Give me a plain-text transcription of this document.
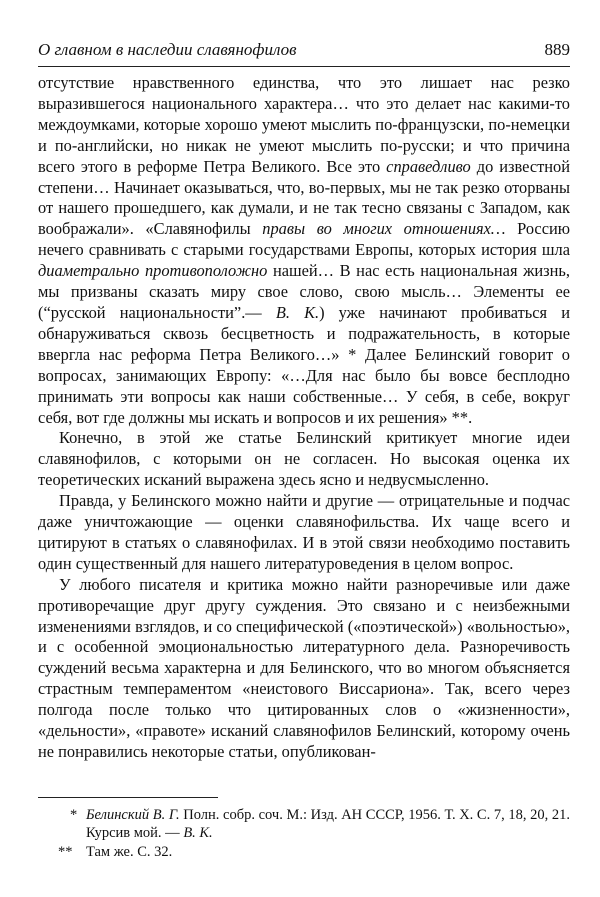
О главном в наследии славянофилов	889

отсутствие нравственного единства, что это лишает нас резко выразившегося национального характера… что это делает нас какими-то междоумками, которые хорошо умеют мыслить по-французски, по-немецки и по-английски, но никак не умеют мыслить по-русски; и что причина всего этого в реформе Петра Великого. Все это справедливо до известной степени… Начинает оказываться, что, во-первых, мы не так резко оторваны от нашего прошедшего, как думали, и не так тесно связаны с Западом, как воображали». «Славянофилы правы во многих отношениях… Россию нечего сравнивать с старыми государствами Европы, которых история шла диаметрально противоположно нашей… В нас есть национальная жизнь, мы призваны сказать миру свое слово, свою мысль… Элементы ее (“русской национальности”.— В. К.) уже начинают пробиваться и обнаруживаться сквозь бесцветность и подражательность, в которые ввергла нас реформа Петра Великого…» * Далее Белинский говорит о вопросах, занимающих Европу: «…Для нас было бы вовсе бесплодно принимать эти вопросы как наши собственные… У себя, в себе, вокруг себя, вот где должны мы искать и вопросов и их решения» **.

Конечно, в этой же статье Белинский критикует многие идеи славянофилов, с которыми он не согласен. Но высокая оценка их теоретических исканий выражена здесь ясно и недвусмысленно.

Правда, у Белинского можно найти и другие — отрицательные и подчас даже уничтожающие — оценки славянофильства. Их чаще всего и цитируют в статьях о славянофилах. И в этой связи необходимо поставить один существенный для нашего литературоведения в целом вопрос.

У любого писателя и критика можно найти разноречивые или даже противоречащие друг другу суждения. Это связано и с неизбежными изменениями взглядов, и со специфической («поэтической») «вольностью», и с особенной эмоциональностью литературного дела. Разноречивость суждений весьма характерна и для Белинского, что во многом объясняется страстным темпераментом «неистового Виссариона». Так, всего через полгода после только что цитированных слов о «жизненности», «дельности», «правоте» исканий славянофилов Белинский, которому очень не понравились некоторые статьи, опубликован-

* Белинский В. Г. Полн. собр. соч. М.: Изд. АН СССР, 1956. Т. X. С. 7, 18, 20, 21. Курсив мой. — В. К.
** Там же. С. 32.
